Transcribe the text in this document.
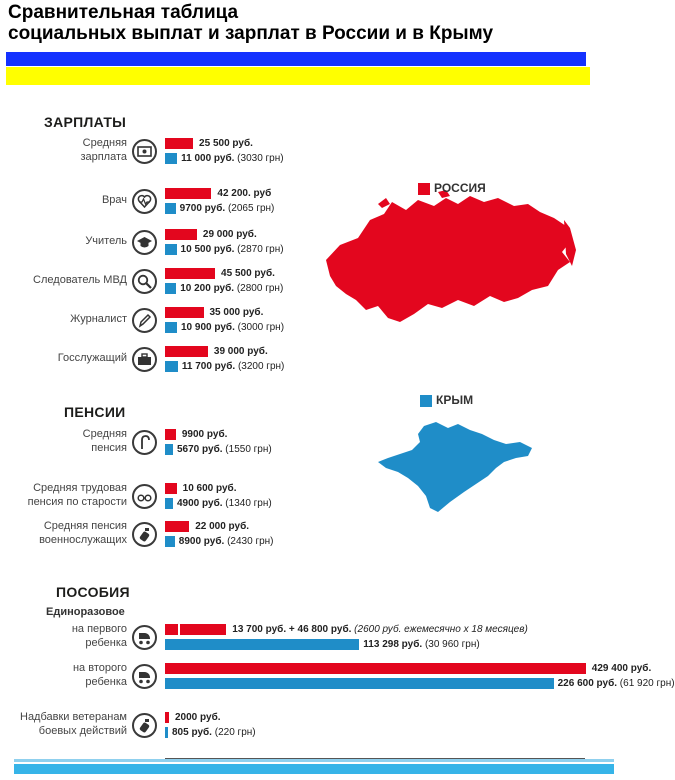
Сравнительная таблица
социальных выплат и зарплат в России и в Крыму
РОССИЯ
КРЫМ
ЗАРПЛАТЫ
ПЕНСИИ
ПОСОБИЯ
Единоразовое
Средняя
зарплата
25 500 руб.
11 000 руб. (3030 грн)
Врач
42 200. руб
9700 руб. (2065 грн)
Учитель
29 000 руб.
10 500 руб. (2870 грн)
Следователь МВД
45 500 руб.
10 200 руб. (2800 грн)
Журналист
35 000 руб.
10 900 руб. (3000 грн)
Госслужащий
39 000 руб.
11 700 руб. (3200 грн)
Средняя
пенсия
9900 руб.
5670 руб. (1550 грн)
Средняя трудовая
пенсия по старости
10 600 руб.
4900 руб. (1340 грн)
Средняя пенсия
военнослужащих
22 000 руб.
8900 руб. (2430 грн)
на первого
ребенка
13 700 руб. + 46 800 руб. (2600 руб. ежемесячно х 18 месяцев)
113 298 руб. (30 960 грн)
на второго
ребенка
429 400 руб.
226 600 руб. (61 920 грн)
Надбавки ветеранам
боевых действий
2000 руб.
805 руб. (220 грн)
